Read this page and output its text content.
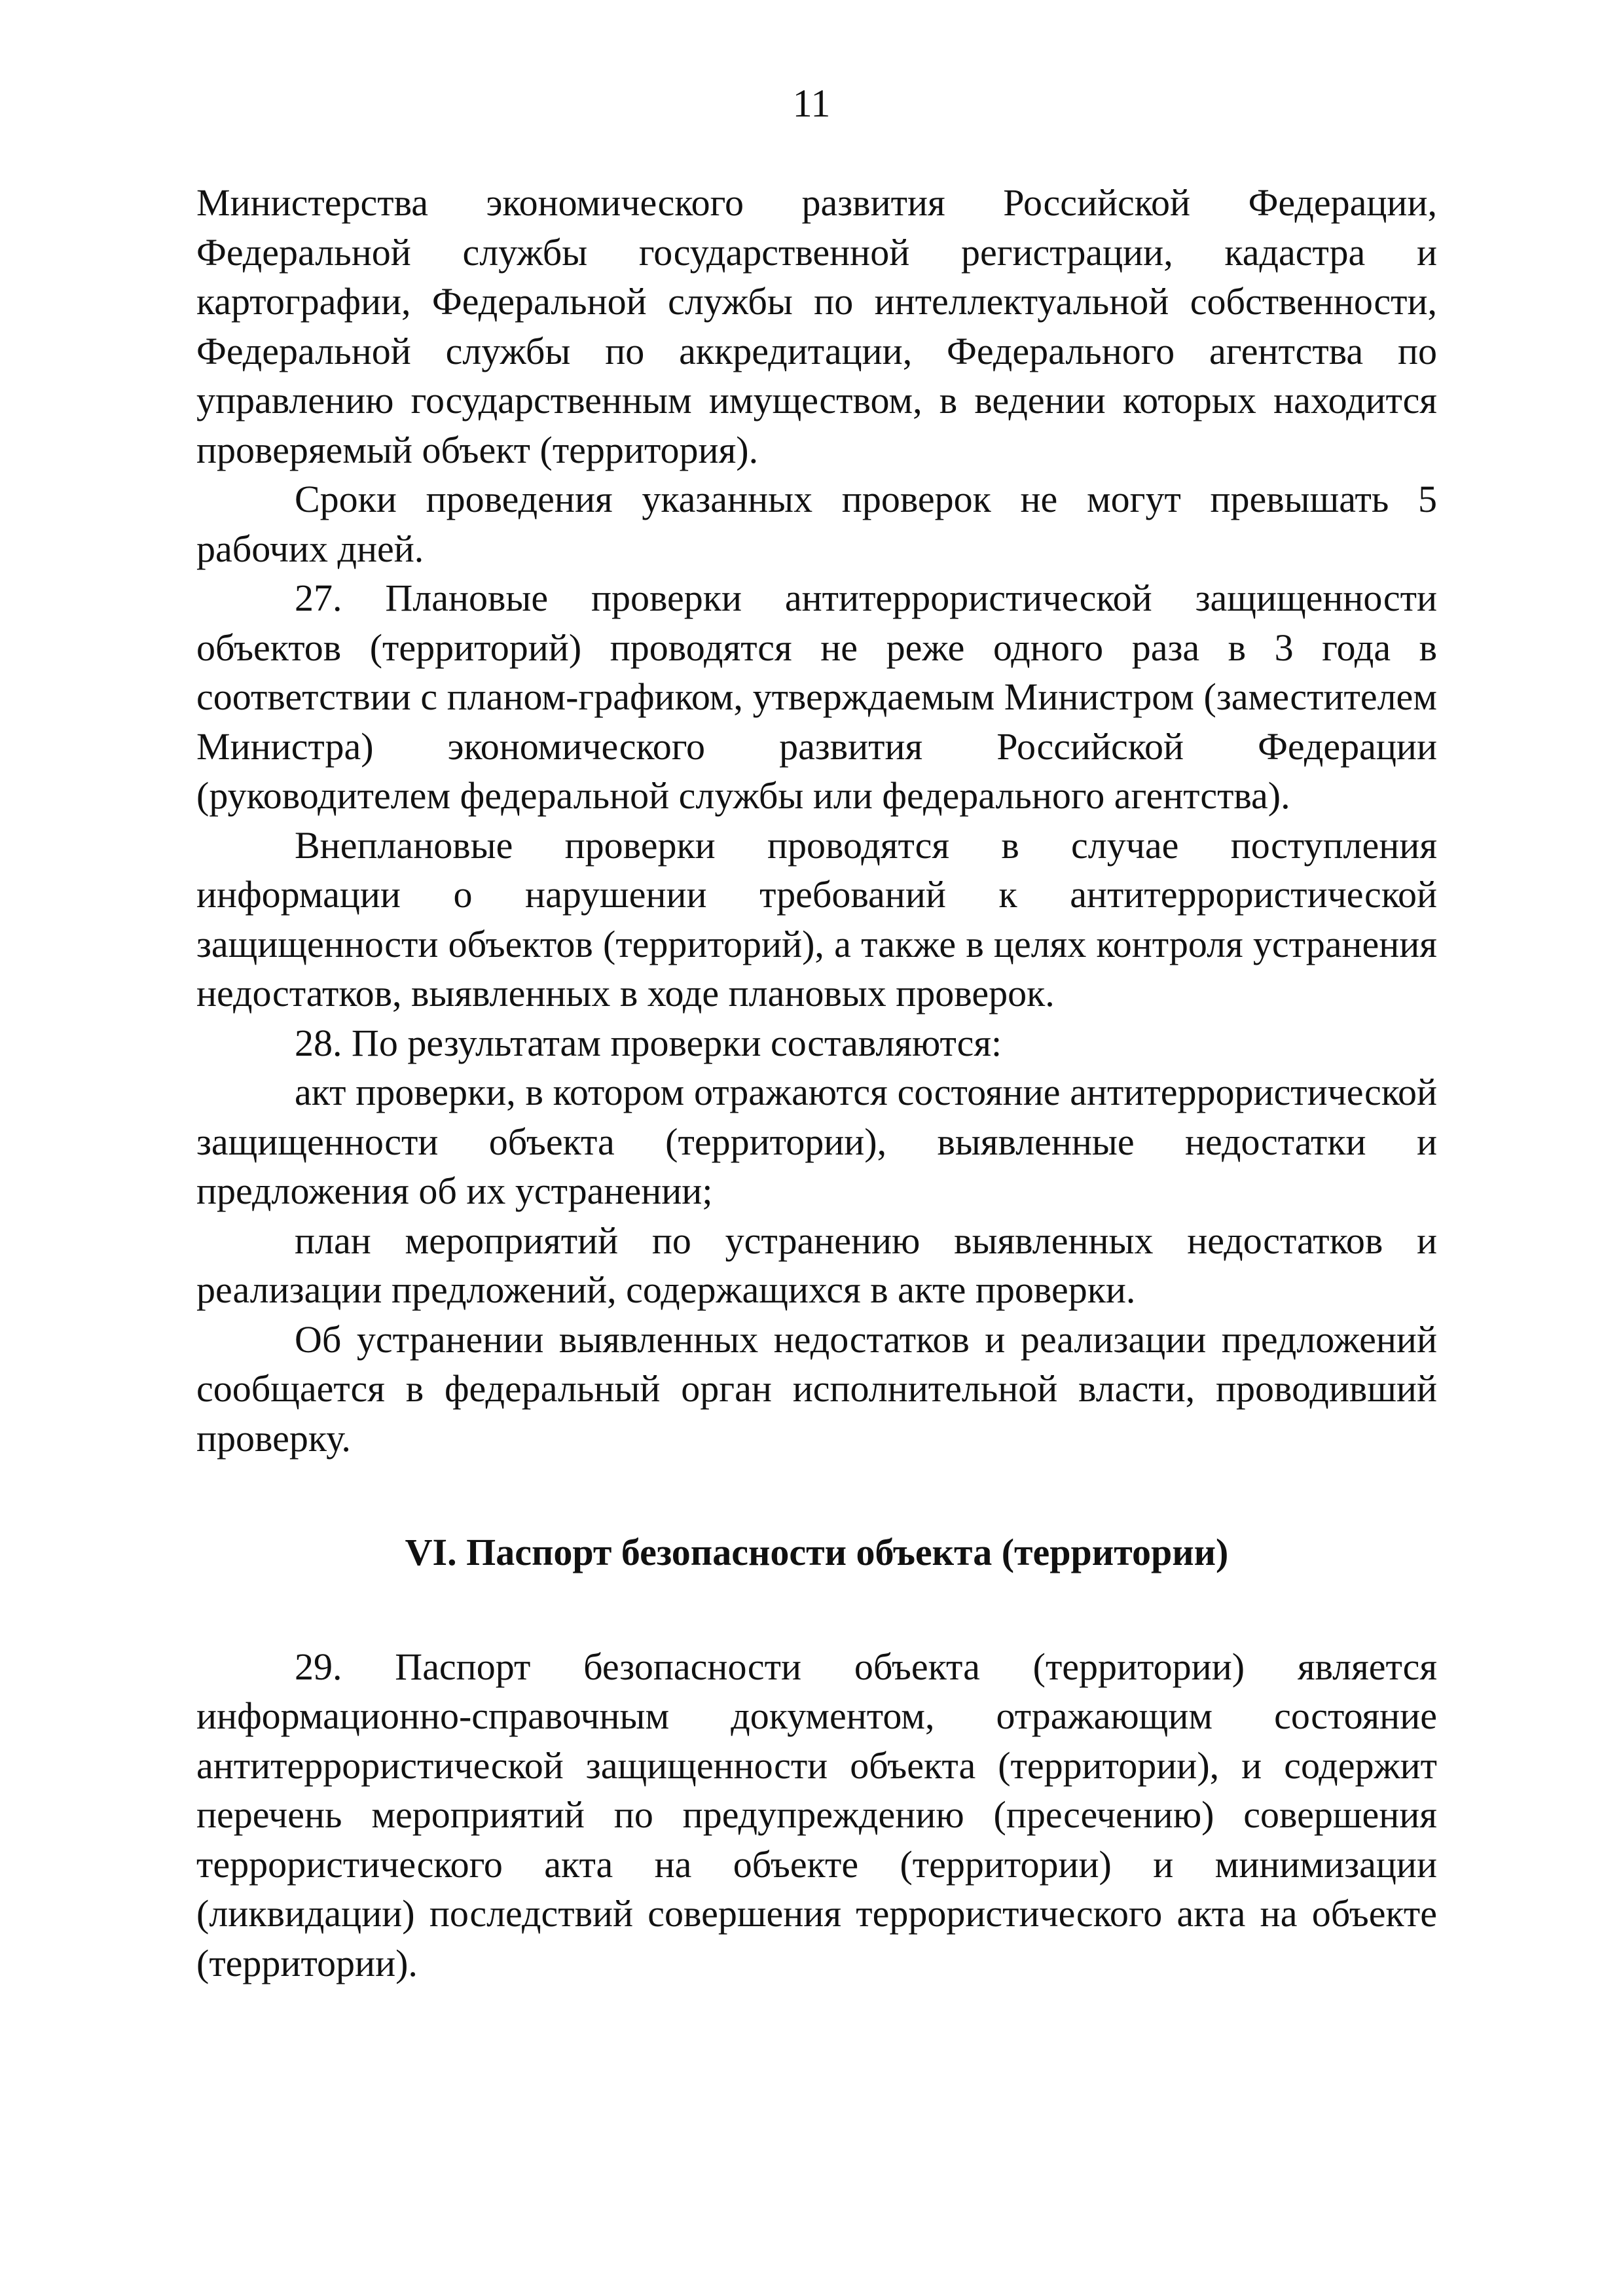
11

Министерства экономического развития Российской Федерации, Федеральной службы государственной регистрации, кадастра и картографии, Федеральной службы по интеллектуальной собственности, Федеральной службы по аккредитации, Федерального агентства по управлению государственным имуществом, в ведении которых находится проверяемый объект (территория).

Сроки проведения указанных проверок не могут превышать 5 рабочих дней.

27. Плановые проверки антитеррористической защищенности объектов (территорий) проводятся не реже одного раза в 3 года в соответствии с планом-графиком, утверждаемым Министром (заместителем Министра) экономического развития Российской Федерации (руководителем федеральной службы или федерального агентства).

Внеплановые проверки проводятся в случае поступления информации о нарушении требований к антитеррористической защищенности объектов (территорий), а также в целях контроля устранения недостатков, выявленных в ходе плановых проверок.

28. По результатам проверки составляются:

акт проверки, в котором отражаются состояние антитеррористической защищенности объекта (территории), выявленные недостатки и предложения об их устранении;

план мероприятий по устранению выявленных недостатков и реализации предложений, содержащихся в акте проверки.

Об устранении выявленных недостатков и реализации предложений сообщается в федеральный орган исполнительной власти, проводивший проверку.

VI. Паспорт безопасности объекта (территории)

29. Паспорт безопасности объекта (территории) является информационно-справочным документом, отражающим состояние антитеррористической защищенности объекта (территории), и содержит перечень мероприятий по предупреждению (пресечению) совершения террористического акта на объекте (территории) и минимизации (ликвидации) последствий совершения террористического акта на объекте (территории).
